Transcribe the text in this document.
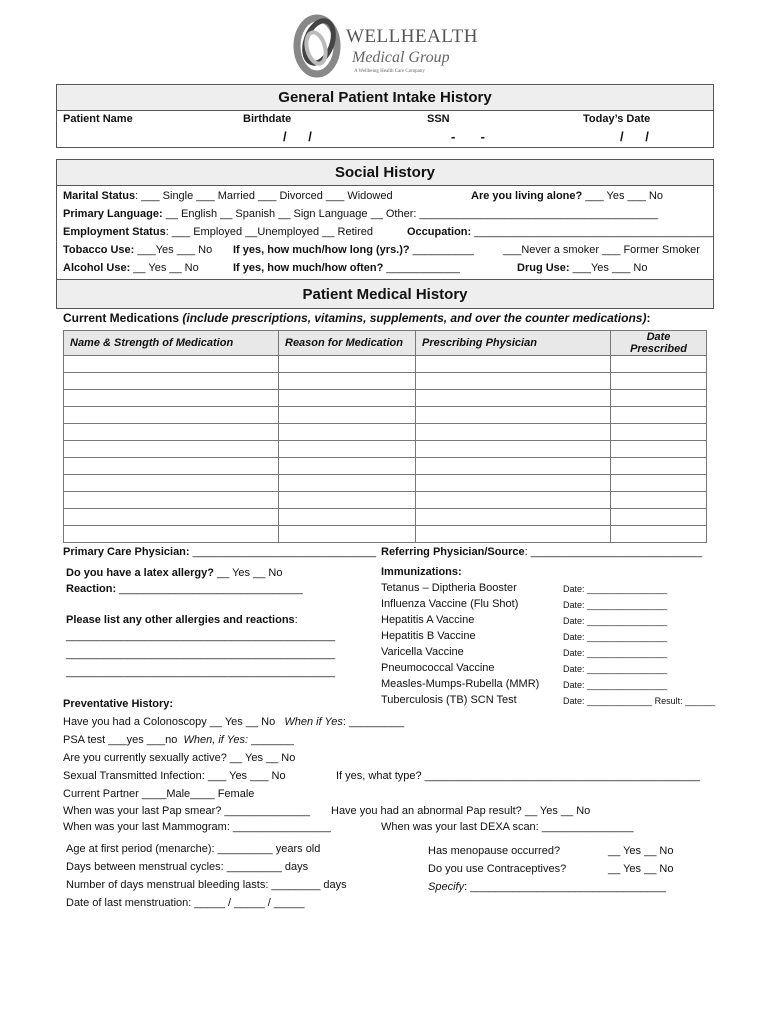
WELLHEALTH
Medical Group
A Wellbeing Health Care Company
General Patient Intake History
Patient Name	Birthdate	SSN	Today’s Date
/      /	-       -	/      /
Social History
Marital Status: ___ Single ___ Married ___ Divorced ___ Widowed	Are you living alone? ___ Yes ___ No
Primary Language: __ English __ Spanish __ Sign Language __ Other: _______________________________________
Employment Status: ___ Employed __Unemployed __ Retired	Occupation: _______________________________________
Tobacco Use: ___Yes ___ No If yes, how much/how long (yrs.)? __________	___Never a smoker ___ Former Smoker
Alcohol Use: __ Yes __ No	If yes, how much/how often? ____________	Drug Use: ___Yes ___ No
Patient Medical History
Current Medications (include prescriptions, vitamins, supplements, and over the counter medications):
Name & Strength of Medication	Reason for Medication	Prescribing Physician	Date Prescribed

Primary Care Physician: ______________________________ Referring Physician/Source: ____________________________
Do you have a latex allergy? __ Yes __ No
Reaction: ______________________________
Please list any other allergies and reactions:
____________________________________________
____________________________________________
____________________________________________
Immunizations:
Tetanus – Diptheria Booster	Date: ________________
Influenza Vaccine (Flu Shot)	Date: ________________
Hepatitis A Vaccine	Date: ________________
Hepatitis B Vaccine	Date: ________________
Varicella Vaccine	Date: ________________
Pneumococcal Vaccine	Date: ________________
Measles-Mumps-Rubella (MMR)	Date: ________________
Tuberculosis (TB) SCN Test	Date: _____________ Result: ______
Preventative History:
Have you had a Colonoscopy __ Yes __ No When if Yes: _________
PSA test ___yes ___no When, if Yes: _______
Are you currently sexually active? __ Yes __ No
Sexual Transmitted Infection: ___ Yes ___ No	If yes, what type? _____________________________________________
Current Partner ____Male____ Female
When was your last Pap smear? ______________ Have you had an abnormal Pap result? __ Yes __ No
When was your last Mammogram: ________________	When was your last DEXA scan: _______________
Age at first period (menarche): _________ years old
Days between menstrual cycles: _________ days
Number of days menstrual bleeding lasts: ________ days
Date of last menstruation: _____ / _____ / _____
Has menopause occurred?	__ Yes __ No
Do you use Contraceptives?	__ Yes __ No
Specify: ________________________________
